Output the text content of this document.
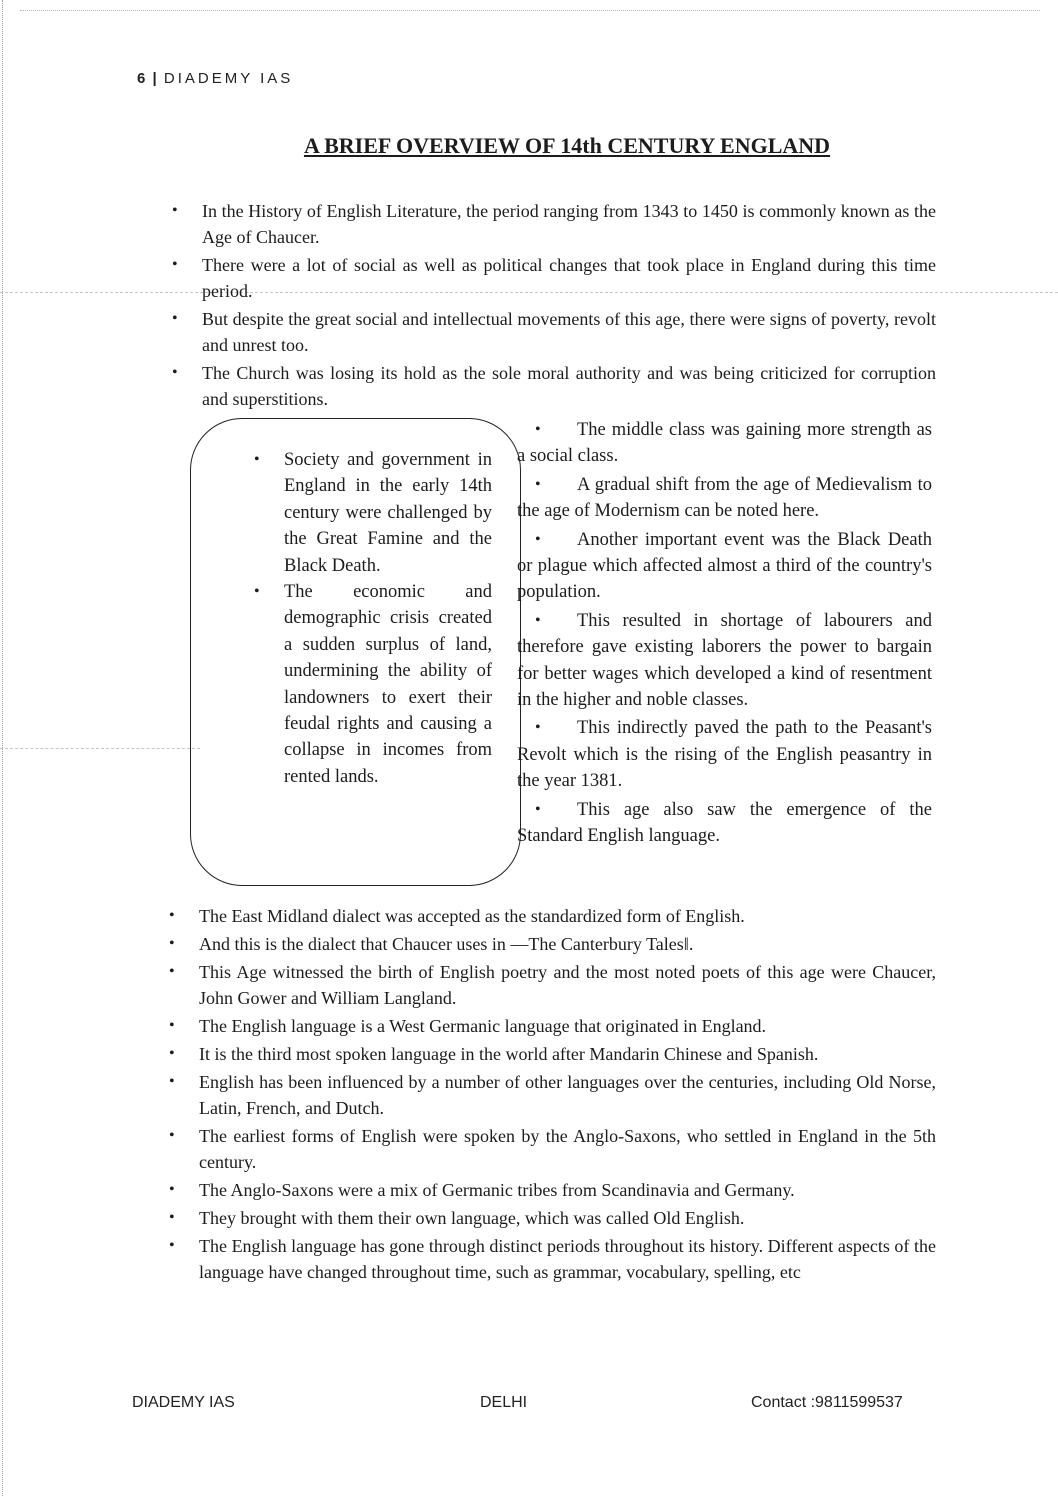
6 | DIADEMY IAS
A BRIEF OVERVIEW OF 14th CENTURY ENGLAND
• In the History of English Literature, the period ranging from 1343 to 1450 is commonly known as the Age of Chaucer.
• There were a lot of social as well as political changes that took place in England during this time period.
• But despite the great social and intellectual movements of this age, there were signs of poverty, revolt and unrest too.
• The Church was losing its hold as the sole moral authority and was being criticized for corruption and superstitions.
• Society and government in England in the early 14th century were challenged by the Great Famine and the Black Death.
• The economic and demographic crisis created a sudden surplus of land, undermining the ability of landowners to exert their feudal rights and causing a collapse in incomes from rented lands.
• The middle class was gaining more strength as a social class.
• A gradual shift from the age of Medievalism to the age of Modernism can be noted here.
• Another important event was the Black Death or plague which affected almost a third of the country's population.
• This resulted in shortage of labourers and therefore gave existing laborers the power to bargain for better wages which developed a kind of resentment in the higher and noble classes.
• This indirectly paved the path to the Peasant's Revolt which is the rising of the English peasantry in the year 1381.
• This age also saw the emergence of the Standard English language.
• The East Midland dialect was accepted as the standardized form of English.
• And this is the dialect that Chaucer uses in —The Canterbury Tales‖.
• This Age witnessed the birth of English poetry and the most noted poets of this age were Chaucer, John Gower and William Langland.
• The English language is a West Germanic language that originated in England.
• It is the third most spoken language in the world after Mandarin Chinese and Spanish.
• English has been influenced by a number of other languages over the centuries, including Old Norse, Latin, French, and Dutch.
• The earliest forms of English were spoken by the Anglo-Saxons, who settled in England in the 5th century.
• The Anglo-Saxons were a mix of Germanic tribes from Scandinavia and Germany.
• They brought with them their own language, which was called Old English.
• The English language has gone through distinct periods throughout its history. Different aspects of the language have changed throughout time, such as grammar, vocabulary, spelling, etc
DIADEMY IAS	DELHI	Contact :9811599537
